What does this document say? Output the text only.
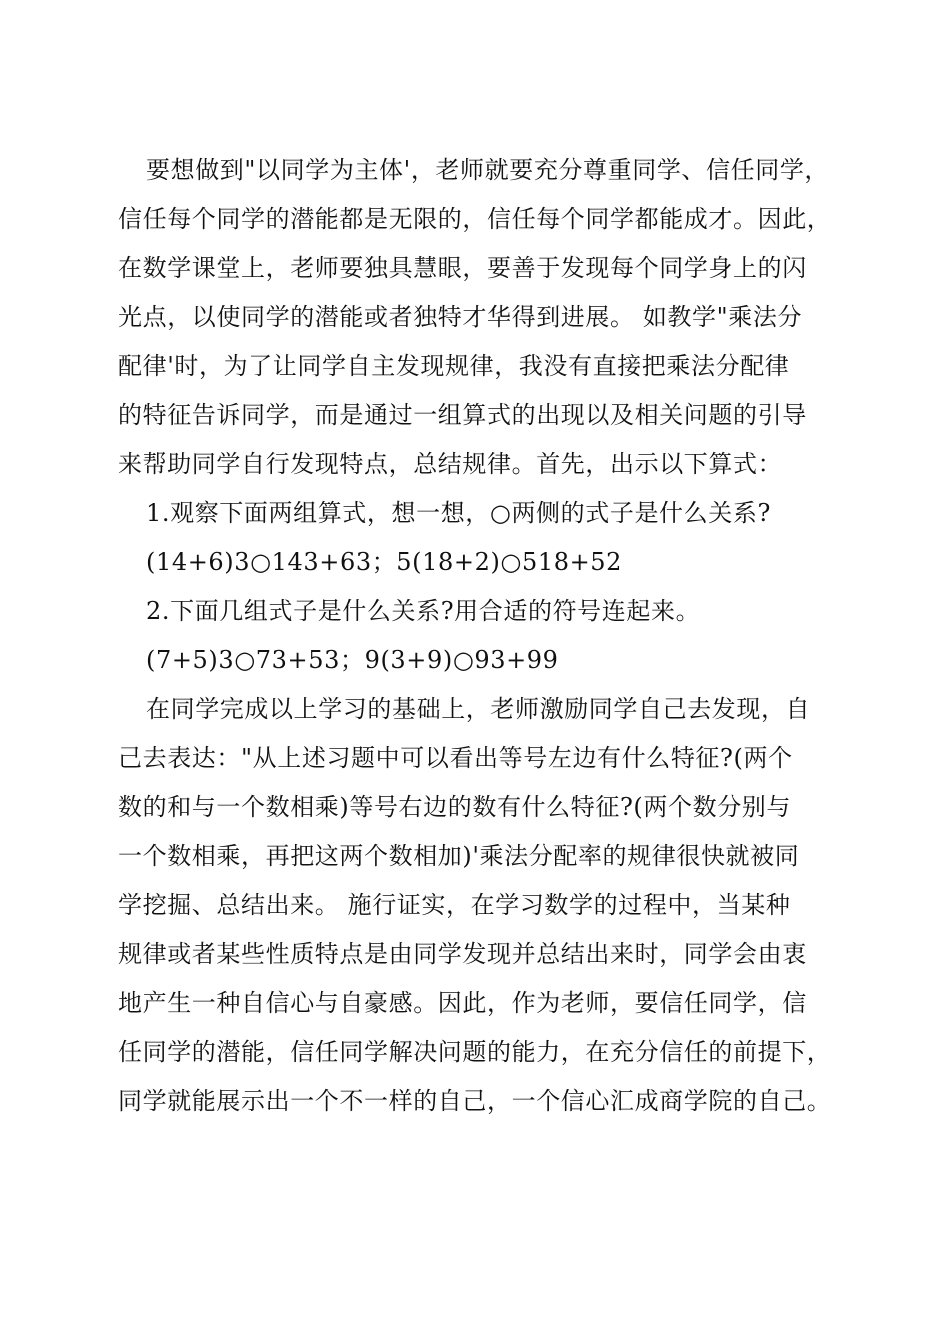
要想做到"以同学为主体'，老师就要充分尊重同学、信任同学，
信任每个同学的潜能都是无限的，信任每个同学都能成才。因此，
在数学课堂上，老师要独具慧眼，要善于发现每个同学身上的闪
光点，以使同学的潜能或者独特才华得到进展。 如教学"乘法分
配律'时，为了让同学自主发现规律，我没有直接把乘法分配律
的特征告诉同学，而是通过一组算式的出现以及相关问题的引导
来帮助同学自行发现特点，总结规律。首先，出示以下算式：
1.观察下面两组算式，想一想，○两侧的式子是什么关系?
(14+6)3○143+63；5(18+2)○518+52
2.下面几组式子是什么关系?用合适的符号连起来。
(7+5)3○73+53；9(3+9)○93+99
在同学完成以上学习的基础上，老师激励同学自己去发现，自
己去表达："从上述习题中可以看出等号左边有什么特征?(两个
数的和与一个数相乘)等号右边的数有什么特征?(两个数分别与
一个数相乘，再把这两个数相加)'乘法分配率的规律很快就被同
学挖掘、总结出来。 施行证实，在学习数学的过程中，当某种
规律或者某些性质特点是由同学发现并总结出来时，同学会由衷
地产生一种自信心与自豪感。因此，作为老师，要信任同学，信
任同学的潜能，信任同学解决问题的能力，在充分信任的前提下，
同学就能展示出一个不一样的自己，一个信心汇成商学院的自己。
